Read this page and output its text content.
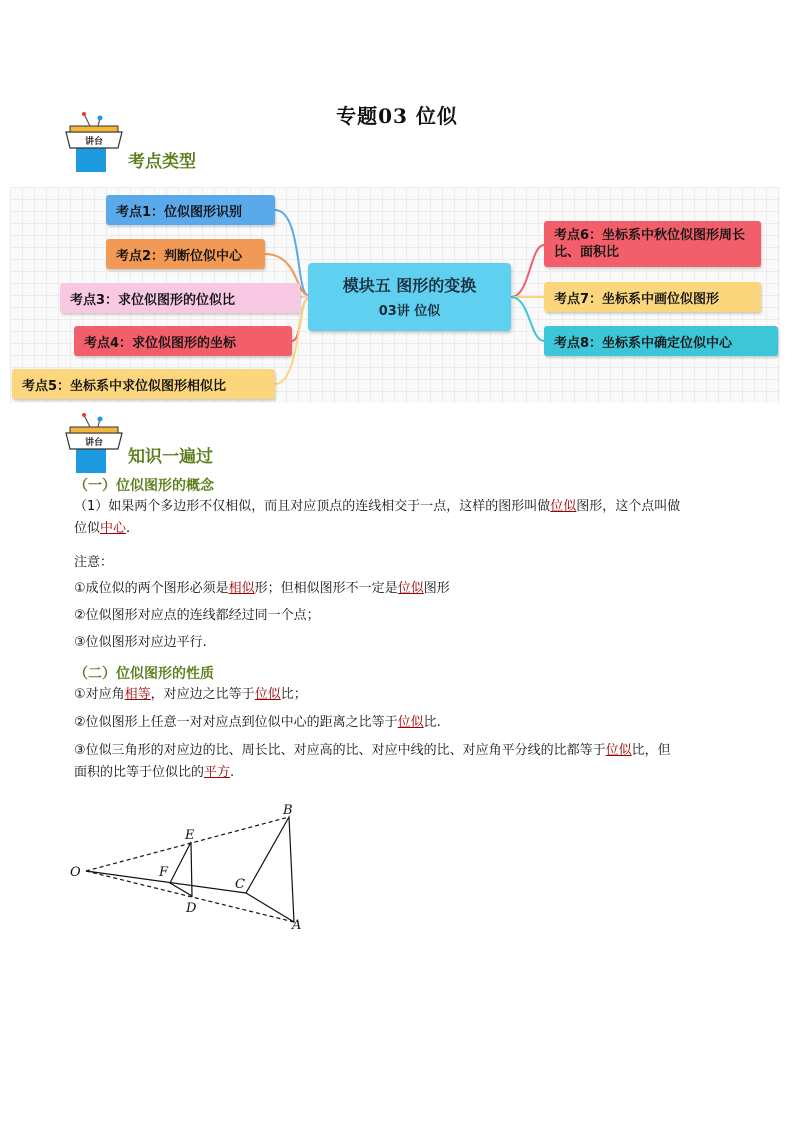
专题03 位似
讲台
考点类型
考点1：位似图形识别
考点2：判断位似中心
考点3：求位似图形的位似比
考点4：求位似图形的坐标
考点5：坐标系中求位似图形相似比
模块五 图形的变换
03讲 位似
考点6：坐标系中秋位似图形周长比、面积比
考点7：坐标系中画位似图形
考点8：坐标系中确定位似中心
讲台
知识一遍过
（一）位似图形的概念
（1）如果两个多边形不仅相似，而且对应顶点的连线相交于一点，这样的图形叫做位似图形，这个点叫做
位似中心.
注意：
①成位似的两个图形必须是相似形；但相似图形不一定是位似图形
②位似图形对应点的连线都经过同一个点；
③位似图形对应边平行.
（二）位似图形的性质
①对应角相等，对应边之比等于位似比；
②位似图形上任意一对对应点到位似中心的距离之比等于位似比.
③位似三角形的对应边的比、周长比、对应高的比、对应中线的比、对应角平分线的比都等于位似比，但
面积的比等于位似比的平方.
O
E
B
F
C
D
A
